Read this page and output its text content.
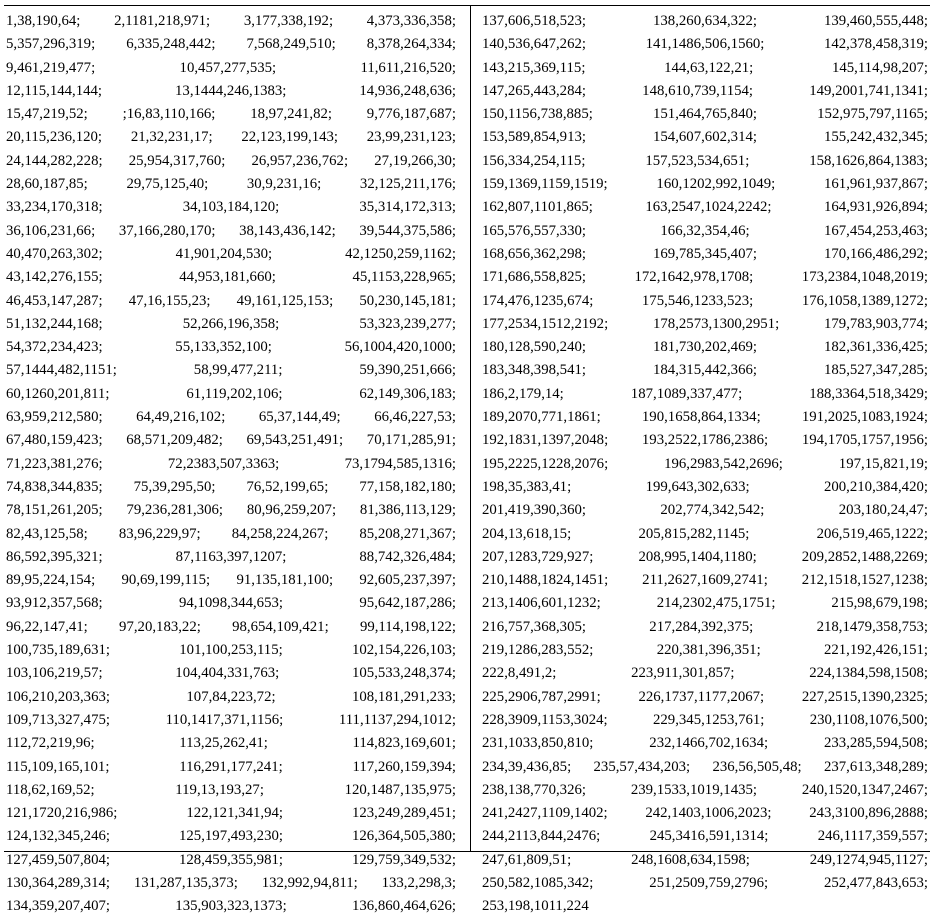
1,38,190,64; 2,1181,218,971; 3,177,338,192; 4,373,336,358;
5,357,296,319; 6,335,248,442; 7,568,249,510; 8,378,264,334;
9,461,219,477;	10,457,277,535;	11,611,216,520;
12,115,144,144;	13,1444,246,1383;	14,936,248,636;
15,47,219,52; ;16,83,110,166; 18,97,241,82; 9,776,187,687;
20,115,236,120; 21,32,231,17; 22,123,199,143; 23,99,231,123;
24,144,282,228; 25,954,317,760; 26,957,236,762; 27,19,266,30;
28,60,187,85;	29,75,125,40;	30,9,231,16;	32,125,211,176;
33,234,170,318;	34,103,184,120;	35,314,172,313;
36,106,231,66; 37,166,280,170; 38,143,436,142; 39,544,375,586;
40,470,263,302;	41,901,204,530;	42,1250,259,1162;
43,142,276,155;	44,953,181,660;	45,1153,228,965;
46,453,147,287; 47,16,155,23; 49,161,125,153; 50,230,145,181;
51,132,244,168;	52,266,196,358;	53,323,239,277;
54,372,234,423;	55,133,352,100;	56,1004,420,1000;
57,1444,482,1151;	58,99,477,211;	59,390,251,666;
60,1260,201,811;	61,119,202,106;	62,149,306,183;
63,959,212,580; 64,49,216,102; 65,37,144,49; 66,46,227,53;
67,480,159,423; 68,571,209,482; 69,543,251,491; 70,171,285,91;
71,223,381,276;	72,2383,507,3363;	73,1794,585,1316;
74,838,344,835; 75,39,295,50; 76,52,199,65; 77,158,182,180;
78,151,261,205; 79,236,281,306; 80,96,259,207; 81,386,113,129;
82,43,125,58; 83,96,229,97; 84,258,224,267; 85,208,271,367;
86,592,395,321;	87,1163,397,1207;	88,742,326,484;
89,95,224,154; 90,69,199,115; 91,135,181,100; 92,605,237,397;
93,912,357,568;	94,1098,344,653;	95,642,187,286;
96,22,147,41; 97,20,183,22; 98,654,109,421; 99,114,198,122;
100,735,189,631;	101,100,253,115;	102,154,226,103;
103,106,219,57;	104,404,331,763;	105,533,248,374;
106,210,203,363;	107,84,223,72;	108,181,291,233;
109,713,327,475;	110,1417,371,1156;	111,1137,294,1012;
112,72,219,96;	113,25,262,41;	114,823,169,601;
115,109,165,101;	116,291,177,241;	117,260,159,394;
118,62,169,52;	119,13,193,27;	120,1487,135,975;
121,1720,216,986;	122,121,341,94;	123,249,289,451;
124,132,345,246;	125,197,493,230;	126,364,505,380;
127,459,507,804;	128,459,355,981;	129,759,349,532;
130,364,289,314; 131,287,135,373; 132,992,94,811; 133,2,298,3;
134,359,207,407;	135,903,323,1373;	136,860,464,626;
137,606,518,523;	138,260,634,322;	139,460,555,448;
140,536,647,262;	141,1486,506,1560;	142,378,458,319;
143,215,369,115;	144,63,122,21;	145,114,98,207;
147,265,443,284;	148,610,739,1154;	149,2001,741,1341;
150,1156,738,885;	151,464,765,840;	152,975,797,1165;
153,589,854,913;	154,607,602,314;	155,242,432,345;
156,334,254,115;	157,523,534,651;	158,1626,864,1383;
159,1369,1159,1519;	160,1202,992,1049;	161,961,937,867;
162,807,1101,865;	163,2547,1024,2242;	164,931,926,894;
165,576,557,330;	166,32,354,46;	167,454,253,463;
168,656,362,298;	169,785,345,407;	170,166,486,292;
171,686,558,825;	172,1642,978,1708;	173,2384,1048,2019;
174,476,1235,674;	175,546,1233,523;	176,1058,1389,1272;
177,2534,1512,2192;	178,2573,1300,2951;	179,783,903,774;
180,128,590,240;	181,730,202,469;	182,361,336,425;
183,348,398,541;	184,315,442,366;	185,527,347,285;
186,2,179,14;	187,1089,337,477;	188,3364,518,3429;
189,2070,771,1861;	190,1658,864,1334;	191,2025,1083,1924;
192,1831,1397,2048; 193,2522,1786,2386; 194,1705,1757,1956;
195,2225,1228,2076;	196,2983,542,2696;	197,15,821,19;
198,35,383,41;	199,643,302,633;	200,210,384,420;
201,419,390,360;	202,774,342,542;	203,180,24,47;
204,13,618,15;	205,815,282,1145;	206,519,465,1222;
207,1283,729,927;	208,995,1404,1180;	209,2852,1488,2269;
210,1488,1824,1451; 211,2627,1609,2741; 212,1518,1527,1238;
213,1406,601,1232;	214,2302,475,1751;	215,98,679,198;
216,757,368,305;	217,284,392,375;	218,1479,358,753;
219,1286,283,552;	220,381,396,351;	221,192,426,151;
222,8,491,2;	223,911,301,857;	224,1384,598,1508;
225,2906,787,2991;	226,1737,1177,2067;	227,2515,1390,2325;
228,3909,1153,3024;	229,345,1253,761;	230,1108,1076,500;
231,1033,850,810;	232,1466,702,1634;	233,285,594,508;
234,39,436,85; 235,57,434,203; 236,56,505,48; 237,613,348,289;
238,138,770,326;	239,1533,1019,1435;	240,1520,1347,2467;
241,2427,1109,1402;	242,1403,1006,2023;	243,3100,896,2888;
244,2113,844,2476;	245,3416,591,1314;	246,1117,359,557;
247,61,809,51;	248,1608,634,1598;	249,1274,945,1127;
250,582,1085,342;	251,2509,759,2796;	252,477,843,653;
253,198,1011,224
